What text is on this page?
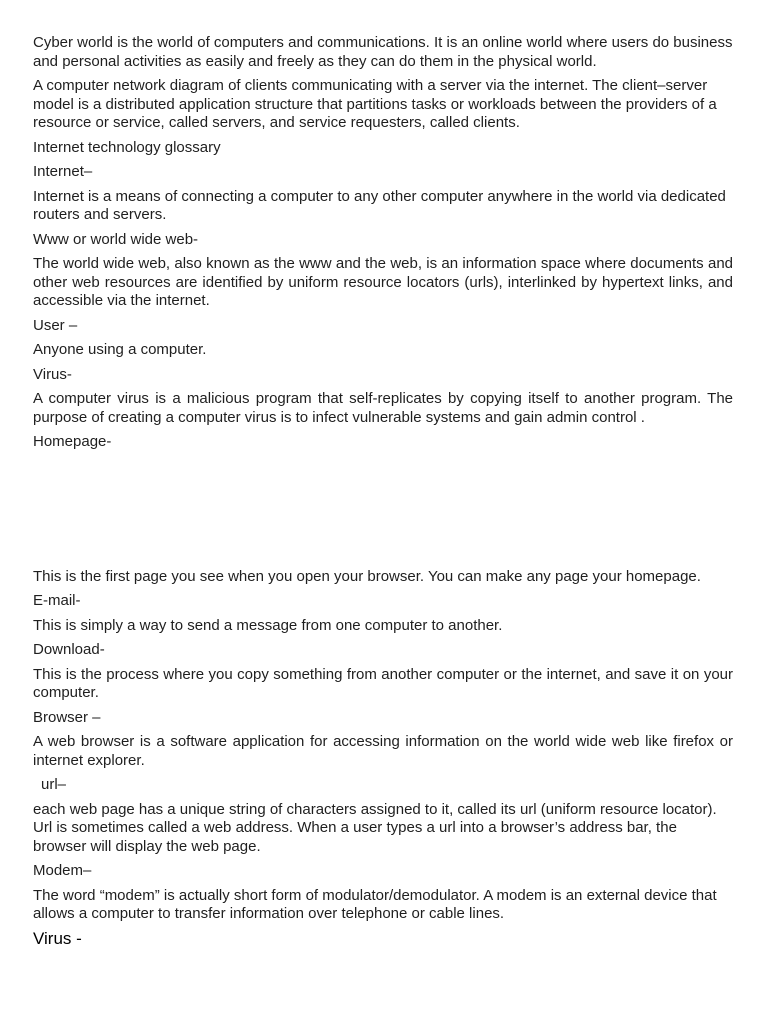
Cyber world is the world of computers and communications. It is an online world where users do business and personal activities as easily and freely as they can do them in the physical world.

A computer network diagram of clients communicating with a server via the internet. The client–server model is a distributed application structure that partitions tasks or workloads between the providers of a resource or service, called servers, and service requesters, called clients.

Internet technology glossary

Internet–

Internet is a means of connecting a computer to any other computer anywhere in the world via dedicated routers and servers.

Www or world wide web-

The world wide web, also known as the www and the web, is an information space where documents and other web resources are identified by uniform resource locators (urls), interlinked by hypertext links, and accessible via the internet.

User –

Anyone using a computer.

Virus-

A computer virus is a malicious program that self-replicates by copying itself to another program. The purpose of creating a computer virus is to infect vulnerable systems and gain admin control .

Homepage-

This is the first page you see when you open your browser. You can make any page your homepage.

E-mail-

This is simply a way to send a message from one computer to another.

Download-

This is the process where you copy something from another computer or the internet, and save it on your computer.

Browser –

A web browser is a software application for accessing information on the world wide web like firefox or internet explorer.

url–

each web page has a unique string of characters assigned to it, called its url (uniform resource locator). Url is sometimes called a web address. When a user types a url into a browser’s address bar, the browser will display the web page.

Modem–

The word “modem” is actually short form of modulator/demodulator. A modem is an external device that allows a computer to transfer information over telephone or cable lines.

Virus -
